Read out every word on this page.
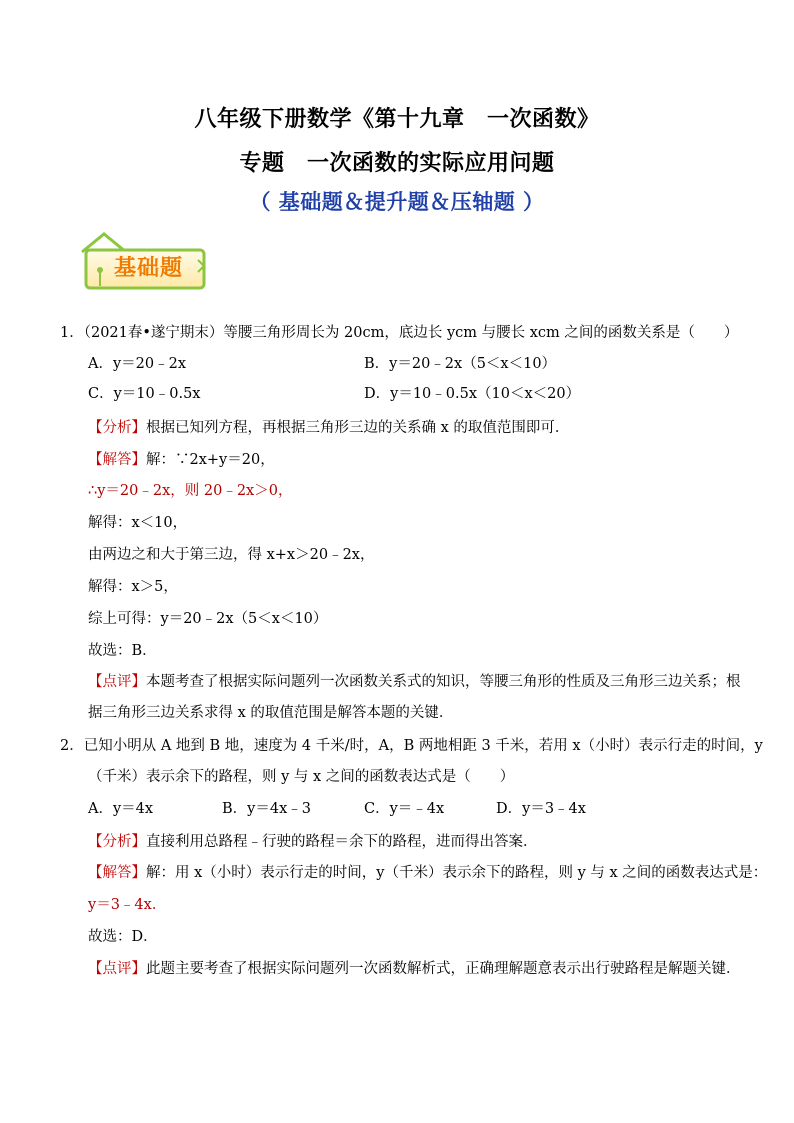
八年级下册数学《第十九章　一次函数》
专题　一次函数的实际应用问题
（ 基础题＆提升题＆压轴题 ）
基础题
1．（2021春•遂宁期末）等腰三角形周长为 20cm，底边长 ycm 与腰长 xcm 之间的函数关系是（　　）
A．y＝20﹣2x	B．y＝20﹣2x（5＜x＜10）
C．y＝10﹣0.5x	D．y＝10﹣0.5x（10＜x＜20）
【分析】根据已知列方程，再根据三角形三边的关系确 x 的取值范围即可．
【解答】解：∵2x+y＝20，
∴y＝20﹣2x，则 20﹣2x＞0，
解得：x＜10，
由两边之和大于第三边，得 x+x＞20﹣2x，
解得：x＞5，
综上可得：y＝20﹣2x（5＜x＜10）
故选：B．
【点评】本题考查了根据实际问题列一次函数关系式的知识，等腰三角形的性质及三角形三边关系；根
据三角形三边关系求得 x 的取值范围是解答本题的关键．
2．已知小明从 A 地到 B 地，速度为 4 千米/时，A，B 两地相距 3 千米，若用 x（小时）表示行走的时间，y
（千米）表示余下的路程，则 y 与 x 之间的函数表达式是（　　）
A．y＝4x	B．y＝4x﹣3	C．y＝﹣4x	D．y＝3﹣4x
【分析】直接利用总路程﹣行驶的路程＝余下的路程，进而得出答案．
【解答】解：用 x（小时）表示行走的时间，y（千米）表示余下的路程，则 y 与 x 之间的函数表达式是：
y＝3﹣4x．
故选：D．
【点评】此题主要考查了根据实际问题列一次函数解析式，正确理解题意表示出行驶路程是解题关键．
